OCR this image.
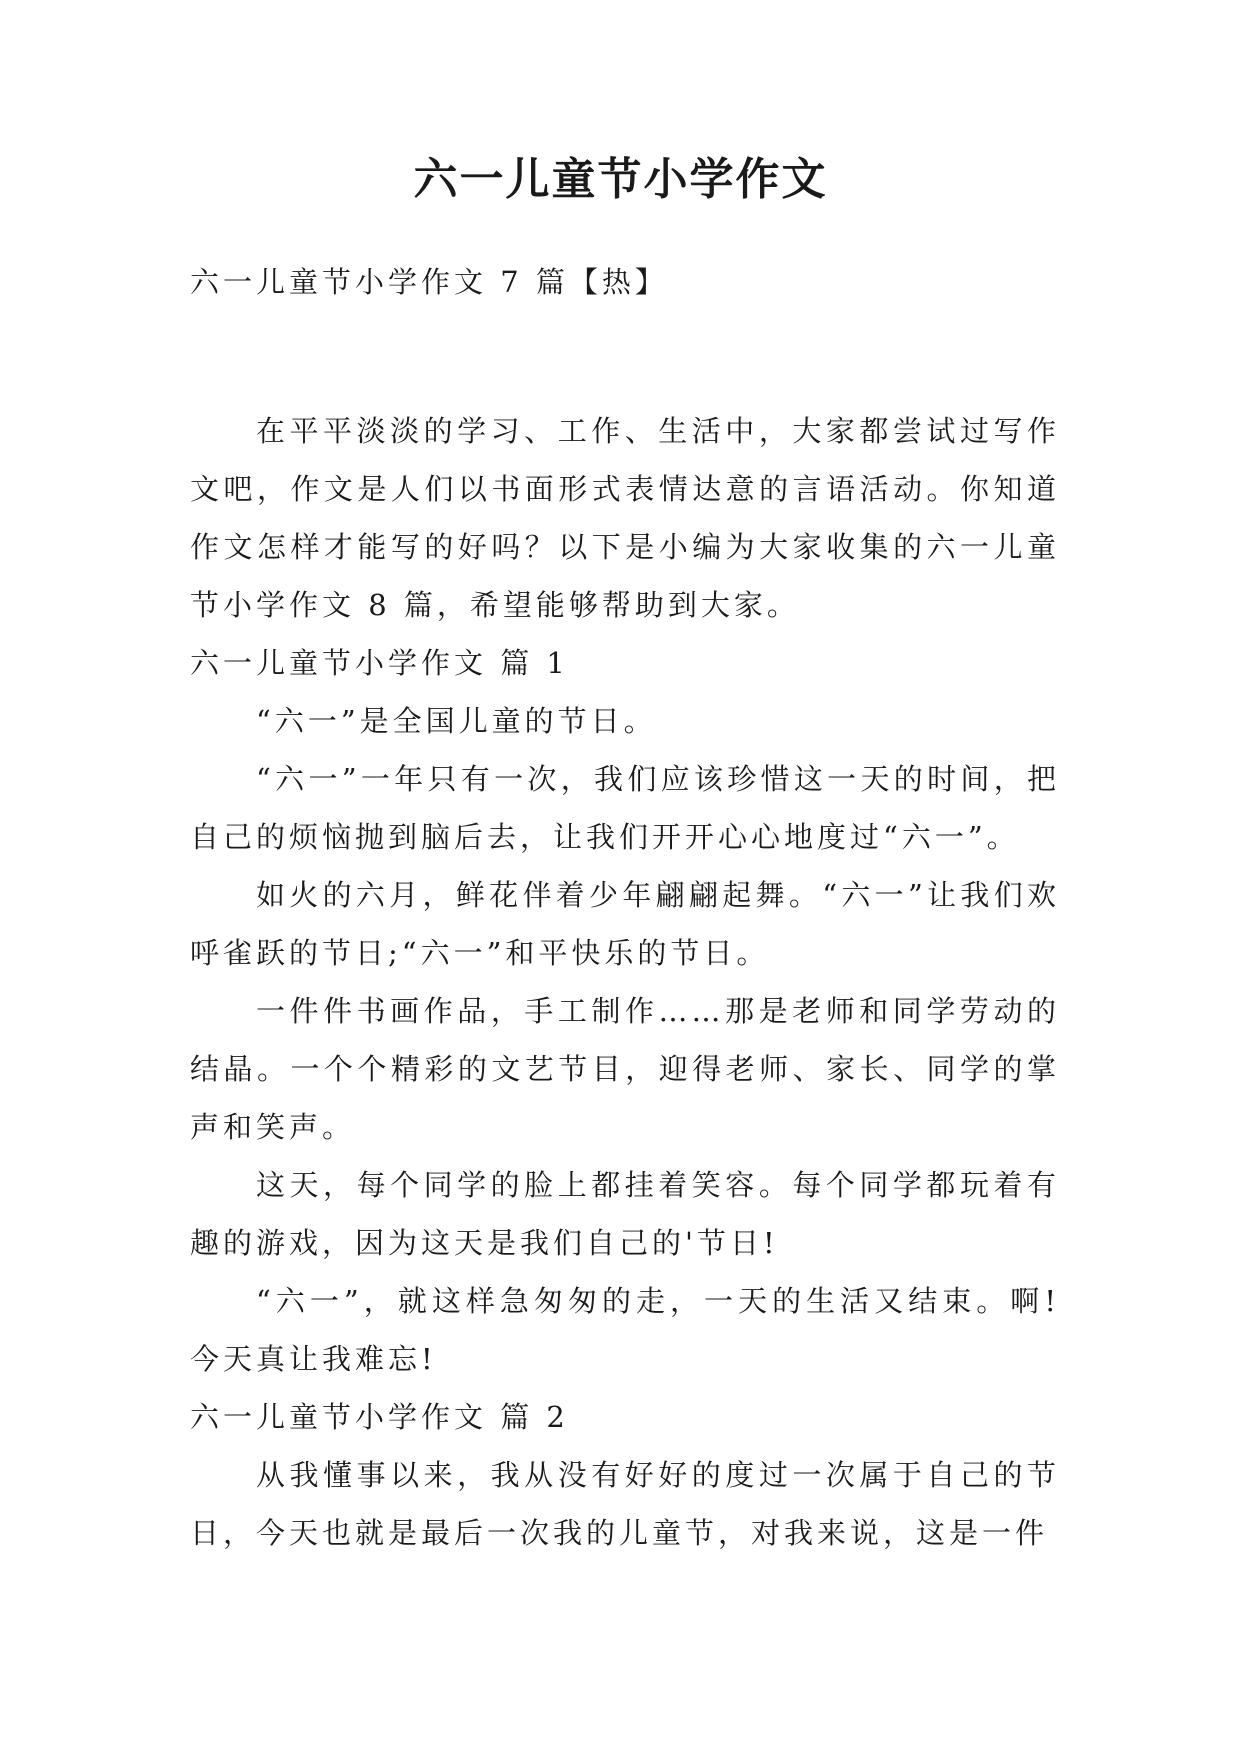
六一儿童节小学作文

六一儿童节小学作文 7 篇【热】

在平平淡淡的学习、工作、生活中，大家都尝试过写作文吧，作文是人们以书面形式表情达意的言语活动。你知道作文怎样才能写的好吗？以下是小编为大家收集的六一儿童节小学作文 8 篇，希望能够帮助到大家。

六一儿童节小学作文 篇 1

“六一”是全国儿童的节日。

“六一”一年只有一次，我们应该珍惜这一天的时间，把自己的烦恼抛到脑后去，让我们开开心心地度过“六一”。

如火的六月，鲜花伴着少年翩翩起舞。“六一”让我们欢呼雀跃的节日;“六一”和平快乐的节日。

一件件书画作品，手工制作……那是老师和同学劳动的结晶。一个个精彩的文艺节目，迎得老师、家长、同学的掌声和笑声。

这天，每个同学的脸上都挂着笑容。每个同学都玩着有趣的游戏，因为这天是我们自己的'节日!

“六一”，就这样急匆匆的走，一天的生活又结束。啊!今天真让我难忘!

六一儿童节小学作文 篇 2

从我懂事以来，我从没有好好的度过一次属于自己的节日，今天也就是最后一次我的儿童节，对我来说，这是一件
